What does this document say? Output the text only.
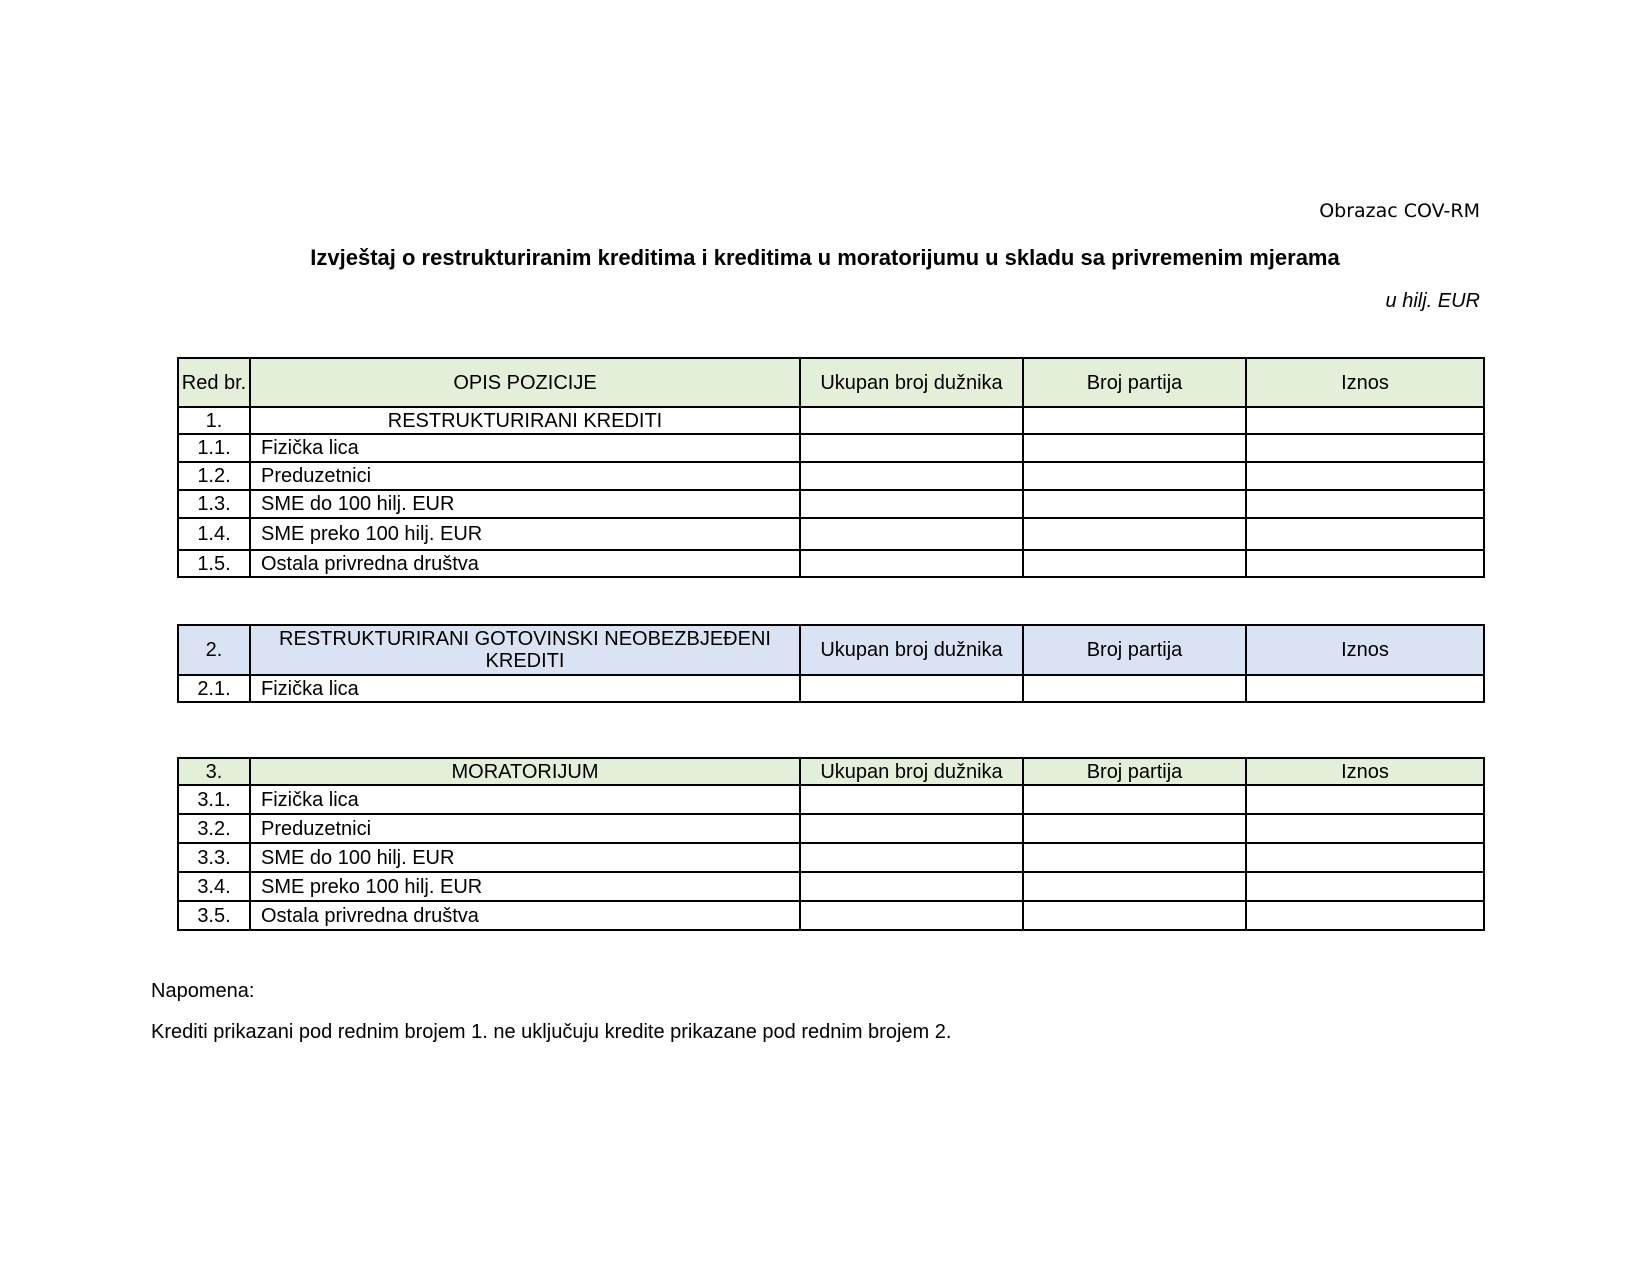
Obrazac COV-RM
Izvještaj o restrukturiranim kreditima i kreditima u moratorijumu u skladu sa privremenim mjerama
u hilj. EUR
Red br.	OPIS POZICIJE	Ukupan broj dužnika	Broj partija	Iznos
1.	RESTRUKTURIRANI KREDITI			
1.1.	Fizička lica			
1.2.	Preduzetnici			
1.3.	SME do 100 hilj. EUR			
1.4.	SME preko 100 hilj. EUR			
1.5.	Ostala privredna društva			
2.	RESTRUKTURIRANI GOTOVINSKI NEOBEZBJEĐENI KREDITI	Ukupan broj dužnika	Broj partija	Iznos
2.1.	Fizička lica			
3.	MORATORIJUM	Ukupan broj dužnika	Broj partija	Iznos
3.1.	Fizička lica			
3.2.	Preduzetnici			
3.3.	SME do 100 hilj. EUR			
3.4.	SME preko 100 hilj. EUR			
3.5.	Ostala privredna društva			
Napomena:
Krediti prikazani pod rednim brojem 1. ne uključuju kredite prikazane pod rednim brojem 2.
